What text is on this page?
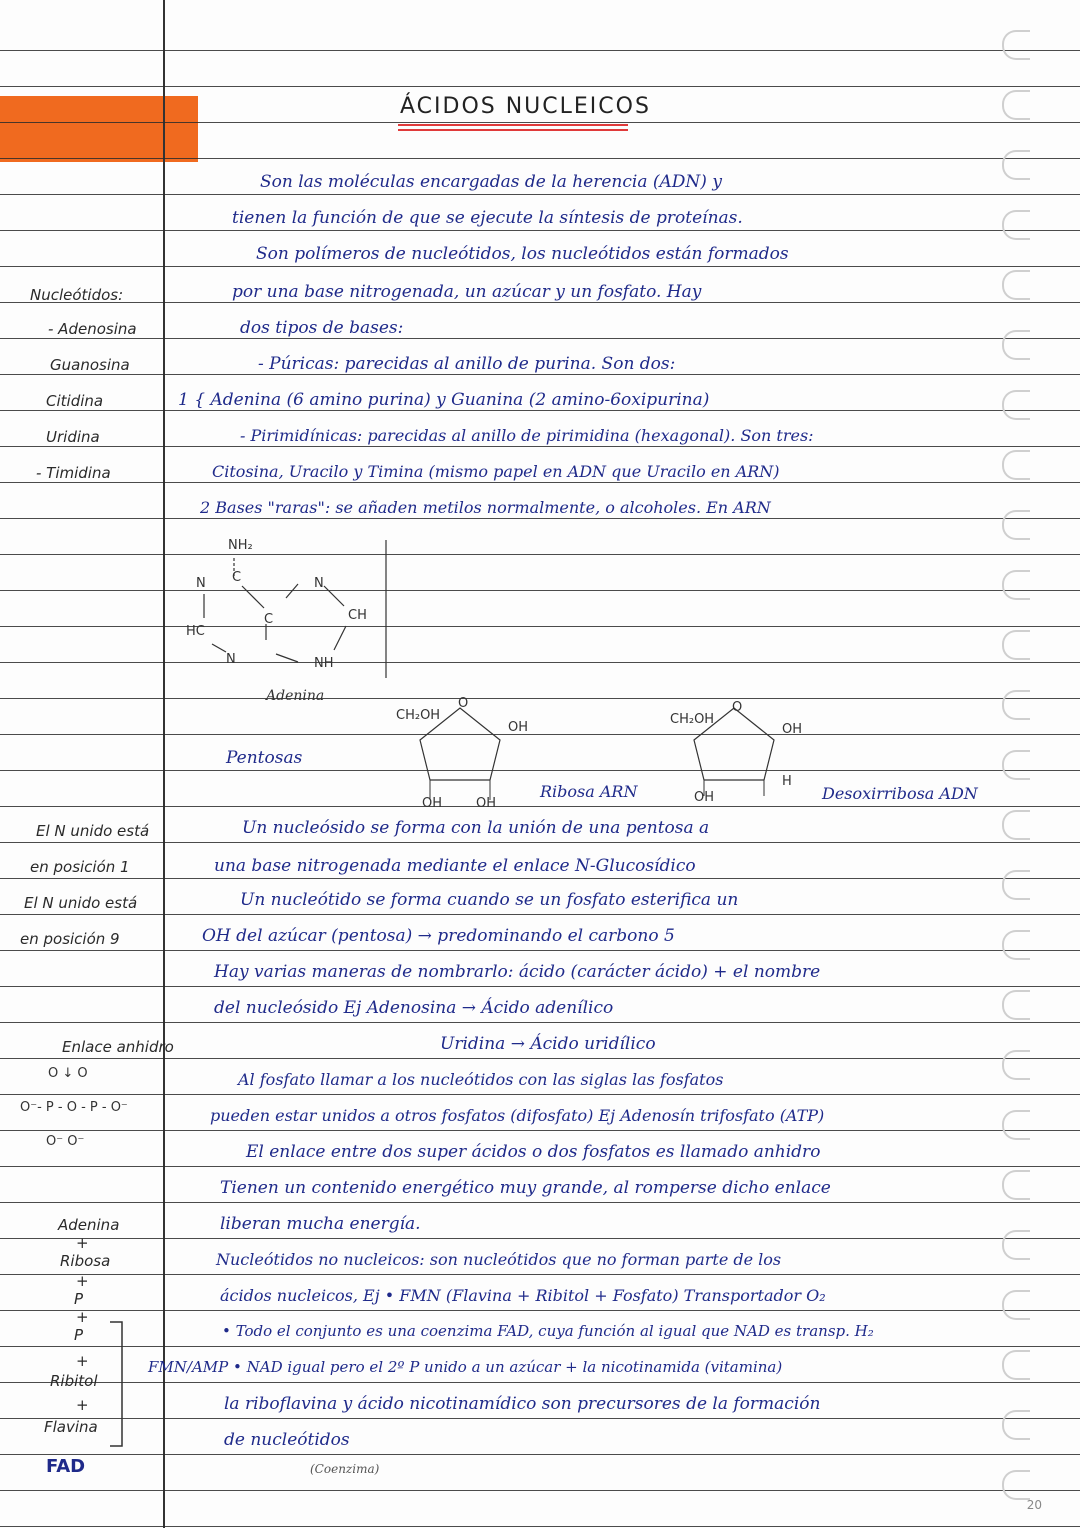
ÁCIDOS NUCLEICOS
Nucleótidos:
- Adenosina
Guanosina
Citidina
Uridina
- Timidina
El N unido está
en posición 1
El N unido está
en posición 9
Enlace anhidro
O ↓ O
O⁻- P - O - P - O⁻
O⁻ O⁻
Adenina
+
Ribosa
+
P
+
P
+
Ribitol
+
Flavina
FAD
Son las moléculas encargadas de la herencia (ADN) y
tienen la función de que se ejecute la síntesis de proteínas.
Son polímeros de nucleótidos, los nucleótidos están formados
por una base nitrogenada, un azúcar y un fosfato. Hay
dos tipos de bases:
- Púricas: parecidas al anillo de purina. Son dos:
1 { Adenina (6 amino purina) y Guanina (2 amino-6oxipurina)
- Pirimidínicas: parecidas al anillo de pirimidina (hexagonal). Son tres:
Citosina, Uracilo y Timina (mismo papel en ADN que Uracilo en ARN)
2 Bases "raras": se añaden metilos normalmente, o alcoholes. En ARN
NH₂
N C	N
C	CH
HC
N	NH
Adenina
Pentosas
CH₂OH
O
OH
OH	OH
Ribosa ARN
CH₂OH
O
OH
OH
H
Desoxirribosa ADN
Un nucleósido se forma con la unión de una pentosa a
una base nitrogenada mediante el enlace N-Glucosídico
Un nucleótido se forma cuando se un fosfato esterifica un
OH del azúcar (pentosa) → predominando el carbono 5
Hay varias maneras de nombrarlo: ácido (carácter ácido) + el nombre
del nucleósido Ej Adenosina → Ácido adenílico
Uridina → Ácido uridílico
Al fosfato llamar a los nucleótidos con las siglas las fosfatos
pueden estar unidos a otros fosfatos (difosfato) Ej Adenosín trifosfato (ATP)
El enlace entre dos super ácidos o dos fosfatos es llamado anhidro
Tienen un contenido energético muy grande, al romperse dicho enlace
liberan mucha energía.
Nucleótidos no nucleicos: son nucleótidos que no forman parte de los
ácidos nucleicos, Ej • FMN (Flavina + Ribitol + Fosfato) Transportador O₂
• Todo el conjunto es una coenzima FAD, cuya función al igual que NAD es transp. H₂
FMN/AMP • NAD igual pero el 2º P unido a un azúcar + la nicotinamida (vitamina)
la riboflavina y ácido nicotinamídico son precursores de la formación
de nucleótidos
(Coenzima)
20
